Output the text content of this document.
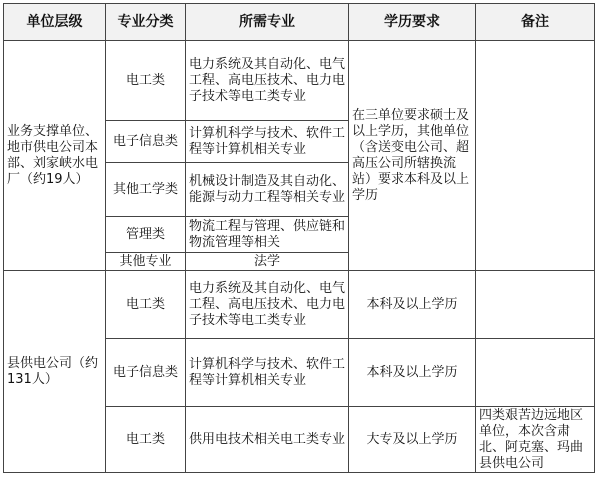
单位层级	专业分类	所需专业	学历要求	备注
业务支撑单位、地市供电公司本部、刘家峡水电厂（约19人）	电工类	电力系统及其自动化、电气工程、高电压技术、电力电子技术等电工类专业	在三单位要求硕士及以上学历，其他单位（含送变电公司、超高压公司所辖换流站）要求本科及以上学历	
	电子信息类	计算机科学与技术、软件工程等计算机相关专业		
	其他工学类	机械设计制造及其自动化、能源与动力工程等相关专业		
	管理类	物流工程与管理、供应链和物流管理等相关		
	其他专业	法学		
县供电公司（约131人）	电工类	电力系统及其自动化、电气工程、高电压技术、电力电子技术等电工类专业	本科及以上学历	
	电子信息类	计算机科学与技术、软件工程等计算机相关专业	本科及以上学历	
	电工类	供用电技术相关电工类专业	大专及以上学历	四类艰苦边远地区单位，本次含肃北、阿克塞、玛曲县供电公司
